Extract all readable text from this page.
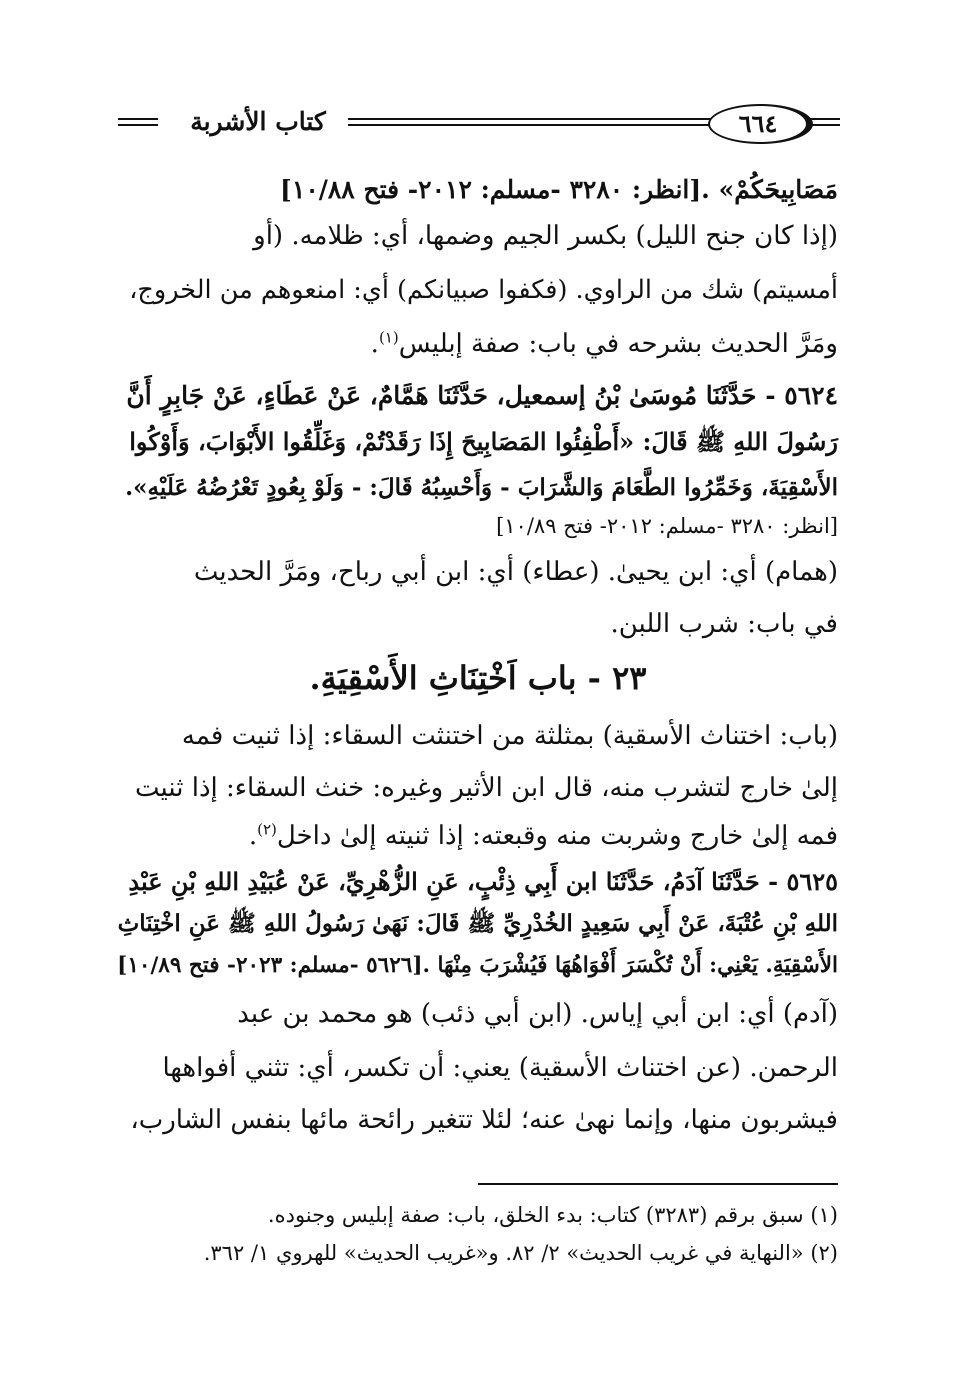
كتاب الأشربة	٦٦٤
مَصَابِيحَكُمْ» .[انظر: ٣٢٨٠ -مسلم: ٢٠١٢- فتح ١٠/٨٨]
(إذا كان جنح الليل) بكسر الجيم وضمها، أي: ظلامه. (أو
أمسيتم) شك من الراوي. (فكفوا صبيانكم) أي: امنعوهم من الخروج،
ومَرَّ الحديث بشرحه في باب: صفة إبليس$^{(١)}$.
٥٦٢٤ - حَدَّثَنَا مُوسَىٰ بْنُ إسمعيل، حَدَّثَنَا هَمَّامٌ، عَنْ عَطَاءٍ، عَنْ جَابِرٍ أَنَّ
رَسُولَ اللهِ ﷺ قَالَ: «أَطْفِئُوا المَصَابِيحَ إِذَا رَقَدْتُمْ، وَغَلِّقُوا الأَبْوَابَ، وَأَوْكُوا
الأَسْقِيَةَ، وَخَمِّرُوا الطَّعَامَ وَالشَّرَابَ - وَأَحْسِبُهُ قَالَ: - وَلَوْ بِعُودٍ تَعْرُضُهُ عَلَيْهِ».
[انظر: ٣٢٨٠ -مسلم: ٢٠١٢- فتح ١٠/٨٩]
(همام) أي: ابن يحيىٰ. (عطاء) أي: ابن أبي رباح، ومَرَّ الحديث
في باب: شرب اللبن.
٢٣ - باب اَخْتِنَاثِ الأَسْقِيَةِ.
(باب: اختناث الأسقية) بمثلثة من اختنثت السقاء: إذا ثنيت فمه
إلىٰ خارج لتشرب منه، قال ابن الأثير وغيره: خنث السقاء: إذا ثنيت
فمه إلىٰ خارج وشربت منه وقبعته: إذا ثنيته إلىٰ داخل$^{(٢)}$.
٥٦٢٥ - حَدَّثَنَا آدَمُ، حَدَّثَنَا ابن أَبِي ذِئْبٍ، عَنِ الزُّهْرِيِّ، عَنْ عُبَيْدِ اللهِ بْنِ عَبْدِ
اللهِ بْنِ عُتْبَةَ، عَنْ أَبِي سَعِيدٍ الخُدْرِيِّ ﷺ قَالَ: نَهَىٰ رَسُولُ اللهِ ﷺ عَنِ اخْتِنَاثِ
الأَسْقِيَةِ. يَعْنِي: أَنْ تُكْسَرَ أَفْوَاهُهَا فَيُشْرَبَ مِنْهَا .[٥٦٢٦ -مسلم: ٢٠٢٣- فتح ١٠/٨٩]
(آدم) أي: ابن أبي إياس. (ابن أبي ذئب) هو محمد بن عبد
الرحمن. (عن اختناث الأسقية) يعني: أن تكسر، أي: تثني أفواهها
فيشربون منها، وإنما نهىٰ عنه؛ لئلا تتغير رائحة مائها بنفس الشارب،
(١) سبق برقم (٣٢٨٣) كتاب: بدء الخلق، باب: صفة إبليس وجنوده.
(٢) «النهاية في غريب الحديث» ٢/ ٨٢. و«غريب الحديث» للهروي ١/ ٣٦٢.
